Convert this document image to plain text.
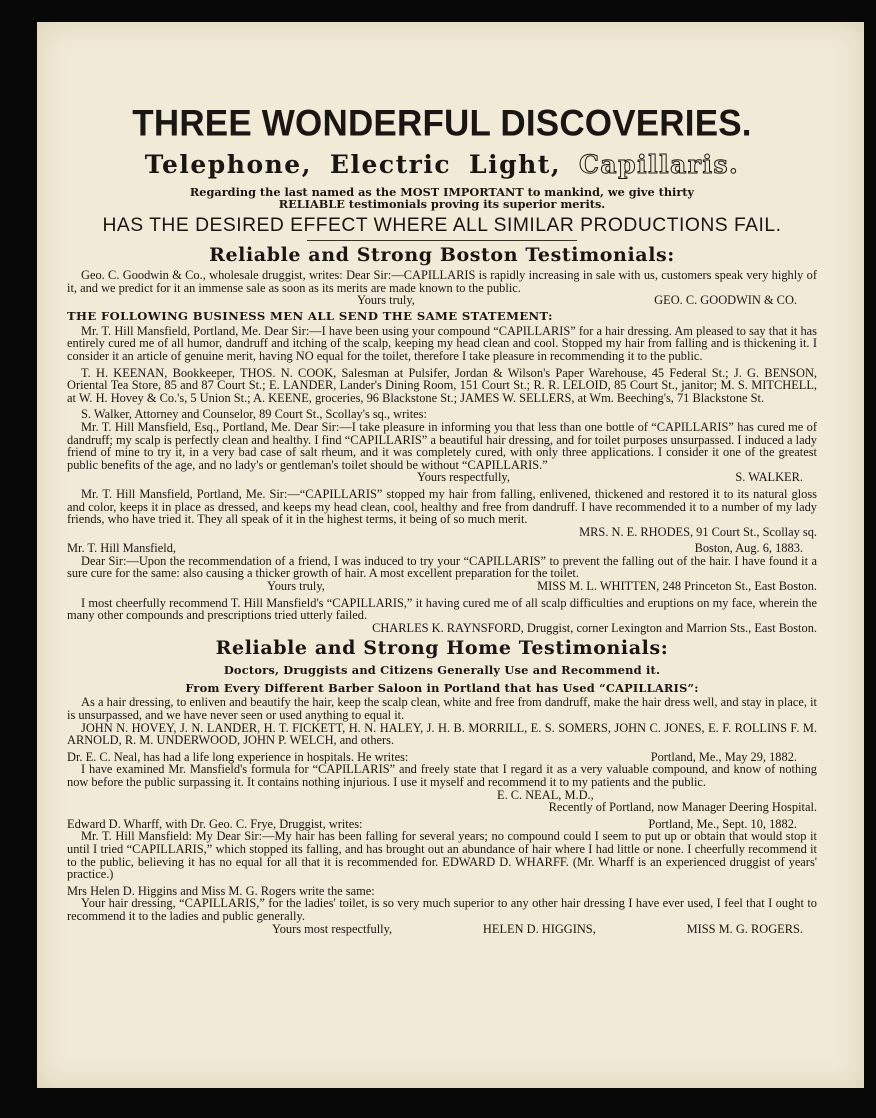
THREE WONDERFUL DISCOVERIES.
Telephone, Electric Light, Capillaris.
Regarding the last named as the MOST IMPORTANT to mankind, we give thirty
RELIABLE testimonials proving its superior merits.
HAS THE DESIRED EFFECT WHERE ALL SIMILAR PRODUCTIONS FAIL.
Reliable and Strong Boston Testimonials:

Geo. C. Goodwin & Co., wholesale druggist, writes: Dear Sir:—CAPILLARIS is rapidly increasing in sale with us, customers speak very highly of it, and we predict for it an immense sale as soon as its merits are made known to the public.

Yours truly,	GEO. C. GOODWIN & CO.
THE FOLLOWING BUSINESS MEN ALL SEND THE SAME STATEMENT:

Mr. T. Hill Mansfield, Portland, Me. Dear Sir:—I have been using your compound “CAPILLARIS” for a hair dressing. Am pleased to say that it has entirely cured me of all humor, dandruff and itching of the scalp, keeping my head clean and cool. Stopped my hair from falling and is thickening it. I consider it an article of genuine merit, having NO equal for the toilet, therefore I take pleasure in recommending it to the public.

T. H. KEENAN, Bookkeeper, THOS. N. COOK, Salesman at Pulsifer, Jordan & Wilson's Paper Warehouse, 45 Federal St.; J. G. BENSON, Oriental Tea Store, 85 and 87 Court St.; E. LANDER, Lander's Dining Room, 151 Court St.; R. R. LELOID, 85 Court St., janitor; M. S. MITCHELL, at W. H. Hovey & Co.'s, 5 Union St.; A. KEENE, groceries, 96 Blackstone St.; JAMES W. SELLERS, at Wm. Beeching's, 71 Blackstone St.

S. Walker, Attorney and Counselor, 89 Court St., Scollay's sq., writes:

Mr. T. Hill Mansfield, Esq., Portland, Me. Dear Sir:—I take pleasure in informing you that less than one bottle of “CAPILLARIS” has cured me of dandruff; my scalp is perfectly clean and healthy. I find “CAPILLARIS” a beautiful hair dressing, and for toilet purposes unsurpassed. I induced a lady friend of mine to try it, in a very bad case of salt rheum, and it was completely cured, with only three applications. I consider it one of the greatest public benefits of the age, and no lady's or gentleman's toilet should be without “CAPILLARIS.”

Yours respectfully,	S. WALKER.

Mr. T. Hill Mansfield, Portland, Me. Sir:—“CAPILLARIS” stopped my hair from falling, enlivened, thickened and restored it to its natural gloss and color, keeps it in place as dressed, and keeps my head clean, cool, healthy and free from dandruff. I have recommended it to a number of my lady friends, who have tried it. They all speak of it in the highest terms, it being of so much merit.

MRS. N. E. RHODES, 91 Court St., Scollay sq.
Mr. T. Hill Mansfield,	Boston, Aug. 6, 1883.

Dear Sir:—Upon the recommendation of a friend, I was induced to try your “CAPILLARIS” to prevent the falling out of the hair. I have found it a sure cure for the same: also causing a thicker growth of hair. A most excellent preparation for the toilet.

Yours truly,	MISS M. L. WHITTEN, 248 Princeton St., East Boston.

I most cheerfully recommend T. Hill Mansfield's “CAPILLARIS,” it having cured me of all scalp difficulties and eruptions on my face, wherein the many other compounds and prescriptions tried utterly failed.

CHARLES K. RAYNSFORD, Druggist, corner Lexington and Marrion Sts., East Boston.
Reliable and Strong Home Testimonials:
Doctors, Druggists and Citizens Generally Use and Recommend it.
From Every Different Barber Saloon in Portland that has Used “CAPILLARIS”:

As a hair dressing, to enliven and beautify the hair, keep the scalp clean, white and free from dandruff, make the hair dress well, and stay in place, it is unsurpassed, and we have never seen or used anything to equal it.

JOHN N. HOVEY, J. N. LANDER, H. T. FICKETT, H. N. HALEY, J. H. B. MORRILL, E. S. SOMERS, JOHN C. JONES, E. F. ROLLINS F. M. ARNOLD, R. M. UNDERWOOD, JOHN P. WELCH, and others.

Dr. E. C. Neal, has had a life long experience in hospitals. He writes:	Portland, Me., May 29, 1882.

I have examined Mr. Mansfield's formula for “CAPILLARIS” and freely state that I regard it as a very valuable compound, and know of nothing now before the public surpassing it. It contains nothing injurious. I use it myself and recommend it to my patients and the public.

E. C. NEAL, M.D.,
Recently of Portland, now Manager Deering Hospital.
Edward D. Wharff, with Dr. Geo. C. Frye, Druggist, writes:	Portland, Me., Sept. 10, 1882.

Mr. T. Hill Mansfield: My Dear Sir:—My hair has been falling for several years; no compound could I seem to put up or obtain that would stop it until I tried “CAPILLARIS,” which stopped its falling, and has brought out an abundance of hair where I had little or none. I cheerfully recommend it to the public, believing it has no equal for all that it is recommended for. EDWARD D. WHARFF. (Mr. Wharff is an experienced druggist of years' practice.)

Mrs Helen D. Higgins and Miss M. G. Rogers write the same:

Your hair dressing, “CAPILLARIS,” for the ladies' toilet, is so very much superior to any other hair dressing I have ever used, I feel that I ought to recommend it to the ladies and public generally.

Yours most respectfully,	HELEN D. HIGGINS,	MISS M. G. ROGERS.
